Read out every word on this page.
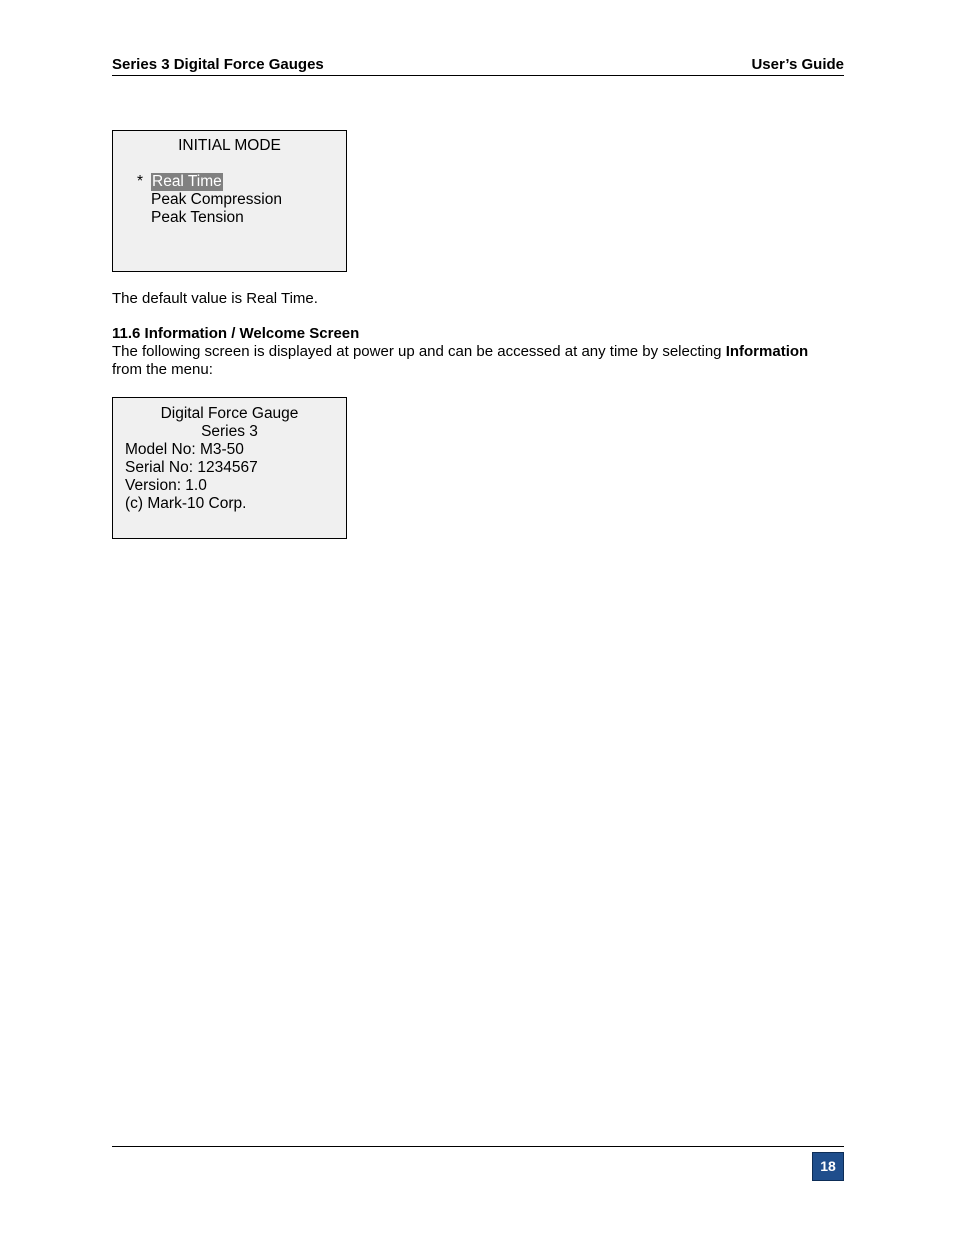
Series 3 Digital Force Gauges	User’s Guide
INITIAL MODE
* Real Time
Peak Compression
Peak Tension
The default value is Real Time.
11.6 Information / Welcome Screen
The following screen is displayed at power up and can be accessed at any time by selecting Information
from the menu:
Digital Force Gauge
Series 3
Model No: M3-50
Serial No: 1234567
Version: 1.0
(c) Mark-10 Corp.
18
